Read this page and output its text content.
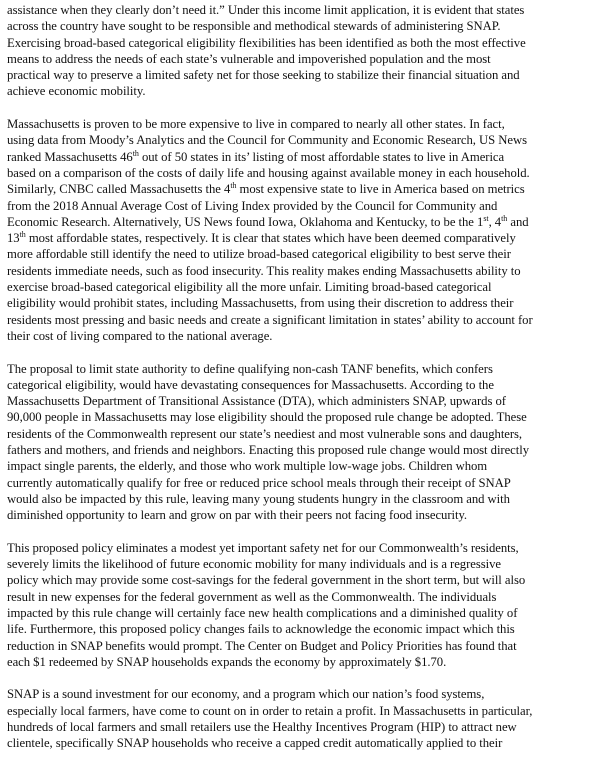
assistance when they clearly don’t need it.” Under this income limit application, it is evident that states
across the country have sought to be responsible and methodical stewards of administering SNAP.
Exercising broad-based categorical eligibility flexibilities has been identified as both the most effective
means to address the needs of each state’s vulnerable and impoverished population and the most
practical way to preserve a limited safety net for those seeking to stabilize their financial situation and
achieve economic mobility.
Massachusetts is proven to be more expensive to live in compared to nearly all other states. In fact,
using data from Moody’s Analytics and the Council for Community and Economic Research, US News
ranked Massachusetts 46th out of 50 states in its’ listing of most affordable states to live in America
based on a comparison of the costs of daily life and housing against available money in each household.
Similarly, CNBC called Massachusetts the 4th most expensive state to live in America based on metrics
from the 2018 Annual Average Cost of Living Index provided by the Council for Community and
Economic Research. Alternatively, US News found Iowa, Oklahoma and Kentucky, to be the 1st, 4th and
13th most affordable states, respectively. It is clear that states which have been deemed comparatively
more affordable still identify the need to utilize broad-based categorical eligibility to best serve their
residents immediate needs, such as food insecurity. This reality makes ending Massachusetts ability to
exercise broad-based categorical eligibility all the more unfair. Limiting broad-based categorical
eligibility would prohibit states, including Massachusetts, from using their discretion to address their
residents most pressing and basic needs and create a significant limitation in states’ ability to account for
their cost of living compared to the national average.
The proposal to limit state authority to define qualifying non-cash TANF benefits, which confers
categorical eligibility, would have devastating consequences for Massachusetts. According to the
Massachusetts Department of Transitional Assistance (DTA), which administers SNAP, upwards of
90,000 people in Massachusetts may lose eligibility should the proposed rule change be adopted. These
residents of the Commonwealth represent our state’s neediest and most vulnerable sons and daughters,
fathers and mothers, and friends and neighbors. Enacting this proposed rule change would most directly
impact single parents, the elderly, and those who work multiple low-wage jobs. Children whom
currently automatically qualify for free or reduced price school meals through their receipt of SNAP
would also be impacted by this rule, leaving many young students hungry in the classroom and with
diminished opportunity to learn and grow on par with their peers not facing food insecurity.
This proposed policy eliminates a modest yet important safety net for our Commonwealth’s residents,
severely limits the likelihood of future economic mobility for many individuals and is a regressive
policy which may provide some cost-savings for the federal government in the short term, but will also
result in new expenses for the federal government as well as the Commonwealth. The individuals
impacted by this rule change will certainly face new health complications and a diminished quality of
life. Furthermore, this proposed policy changes fails to acknowledge the economic impact which this
reduction in SNAP benefits would prompt. The Center on Budget and Policy Priorities has found that
each $1 redeemed by SNAP households expands the economy by approximately $1.70.
SNAP is a sound investment for our economy, and a program which our nation’s food systems,
especially local farmers, have come to count on in order to retain a profit. In Massachusetts in particular,
hundreds of local farmers and small retailers use the Healthy Incentives Program (HIP) to attract new
clientele, specifically SNAP households who receive a capped credit automatically applied to their
